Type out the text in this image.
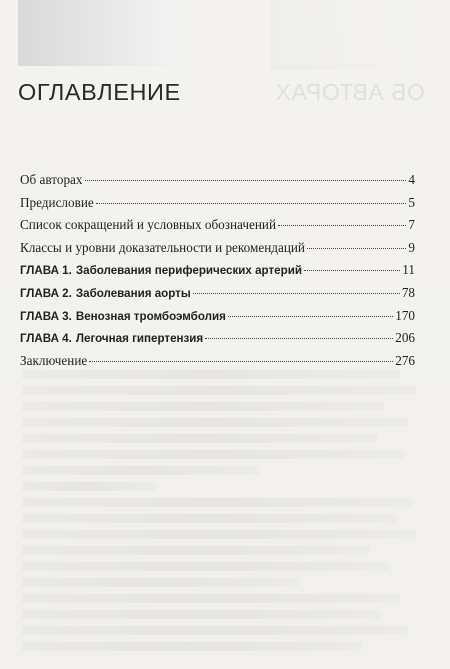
ОБ АВТОРАХ
ОГЛАВЛЕНИЕ
Об авторах	4
Предисловие	5
Список сокращений и условных обозначений	7
Классы и уровни доказательности и рекомендаций	9
ГЛАВА 1. Заболевания периферических артерий	11
ГЛАВА 2. Заболевания аорты	78
ГЛАВА 3. Венозная тромбоэмболия	170
ГЛАВА 4. Легочная гипертензия	206
Заключение	276
